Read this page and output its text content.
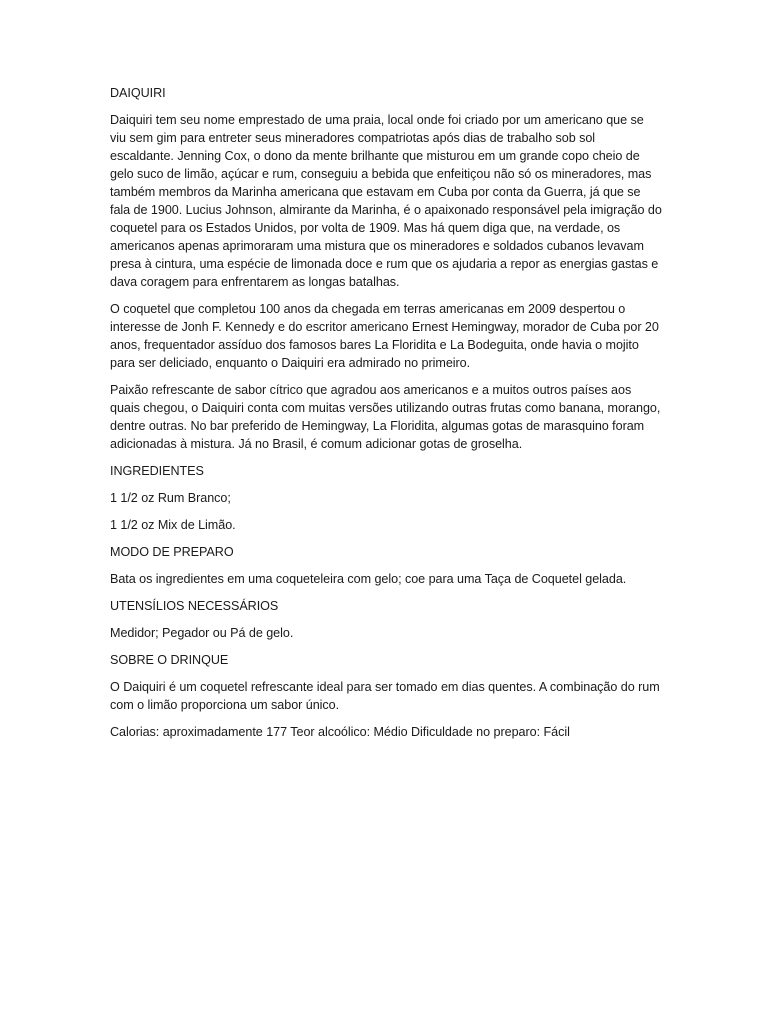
DAIQUIRI

Daiquiri tem seu nome emprestado de uma praia, local onde foi criado por um americano que se viu sem gim para entreter seus mineradores compatriotas após dias de trabalho sob sol escaldante. Jenning Cox, o dono da mente brilhante que misturou em um grande copo cheio de gelo suco de limão, açúcar e rum, conseguiu a bebida que enfeitiçou não só os mineradores, mas também membros da Marinha americana que estavam em Cuba por conta da Guerra, já que se fala de 1900. Lucius Johnson, almirante da Marinha, é o apaixonado responsável pela imigração do coquetel para os Estados Unidos, por volta de 1909. Mas há quem diga que, na verdade, os americanos apenas aprimoraram uma mistura que os mineradores e soldados cubanos levavam presa à cintura, uma espécie de limonada doce e rum que os ajudaria a repor as energias gastas e dava coragem para enfrentarem as longas batalhas.

O coquetel que completou 100 anos da chegada em terras americanas em 2009 despertou o interesse de Jonh F. Kennedy e do escritor americano Ernest Hemingway, morador de Cuba por 20 anos, frequentador assíduo dos famosos bares La Floridita e La Bodeguita, onde havia o mojito para ser deliciado, enquanto o Daiquiri era admirado no primeiro.

Paixão refrescante de sabor cítrico que agradou aos americanos e a muitos outros países aos quais chegou, o Daiquiri conta com muitas versões utilizando outras frutas como banana, morango, dentre outras. No bar preferido de Hemingway, La Floridita, algumas gotas de marasquino foram adicionadas à mistura. Já no Brasil, é comum adicionar gotas de groselha.

INGREDIENTES

1 1/2 oz Rum Branco;

1 1/2 oz Mix de Limão.

MODO DE PREPARO

Bata os ingredientes em uma coqueteleira com gelo; coe para uma Taça de Coquetel gelada.

UTENSÍLIOS NECESSÁRIOS

Medidor; Pegador ou Pá de gelo.

SOBRE O DRINQUE

O Daiquiri é um coquetel refrescante ideal para ser tomado em dias quentes. A combinação do rum com o limão proporciona um sabor único.

Calorias: aproximadamente 177 Teor alcoólico: Médio Dificuldade no preparo: Fácil
